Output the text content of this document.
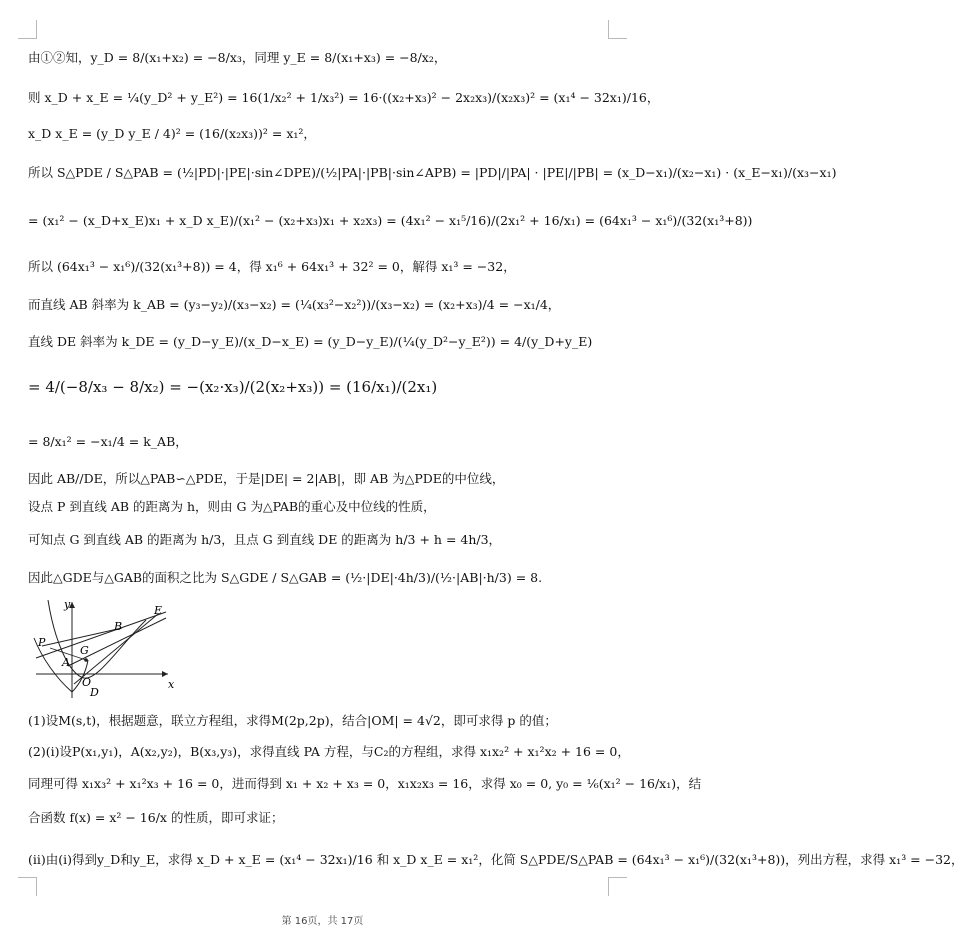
由①②知，y_D = 8/(x₁+x₂) = −8/x₃，同理 y_E = 8/(x₁+x₃) = −8/x₂，
则 x_D + x_E = ¼(y_D² + y_E²) = 16(1/x₂² + 1/x₃²) = 16·((x₂+x₃)² − 2x₂x₃)/(x₂x₃)² = (x₁⁴ − 32x₁)/16，
x_D x_E = (y_D y_E / 4)² = (16/(x₂x₃))² = x₁²，
所以 S△PDE / S△PAB = (½|PD|·|PE|·sin∠DPE)/(½|PA|·|PB|·sin∠APB) = |PD|/|PA| · |PE|/|PB| = (x_D−x₁)/(x₂−x₁) · (x_E−x₁)/(x₃−x₁)
= (x₁² − (x_D+x_E)x₁ + x_D x_E)/(x₁² − (x₂+x₃)x₁ + x₂x₃) = (4x₁² − x₁⁵/16)/(2x₁² + 16/x₁) = (64x₁³ − x₁⁶)/(32(x₁³+8))
所以 (64x₁³ − x₁⁶)/(32(x₁³+8)) = 4，得 x₁⁶ + 64x₁³ + 32² = 0，解得 x₁³ = −32，
而直线 AB 斜率为 k_AB = (y₃−y₂)/(x₃−x₂) = (¼(x₃²−x₂²))/(x₃−x₂) = (x₂+x₃)/4 = −x₁/4，
直线 DE 斜率为 k_DE = (y_D−y_E)/(x_D−x_E) = (y_D−y_E)/(¼(y_D²−y_E²)) = 4/(y_D+y_E)
= 4/(−8/x₃ − 8/x₂) = −(x₂·x₃)/(2(x₂+x₃)) = (16/x₁)/(2x₁)
= 8/x₁² = −x₁/4 = k_AB，
因此 AB//DE，所以△PAB∽△PDE，于是|DE| = 2|AB|，即 AB 为△PDE的中位线，
设点 P 到直线 AB 的距离为 h，则由 G 为△PAB的重心及中位线的性质，
可知点 G 到直线 AB 的距离为 h/3，且点 G 到直线 DE 的距离为 h/3 + h = 4h/3，
因此△GDE与△GAB的面积之比为 S△GDE / S△GAB = (½·|DE|·4h/3)/(½·|AB|·h/3) = 8.
y
x
E
B
P
G
A
O
D
(1)设M(s,t)，根据题意，联立方程组，求得M(2p,2p)，结合|OM| = 4√2，即可求得 p 的值；
(2)(ⅰ)设P(x₁,y₁)，A(x₂,y₂)，B(x₃,y₃)，求得直线 PA 方程，与C₂的方程组，求得 x₁x₂² + x₁²x₂ + 16 = 0，
同理可得 x₁x₃² + x₁²x₃ + 16 = 0，进而得到 x₁ + x₂ + x₃ = 0，x₁x₂x₃ = 16，求得 x₀ = 0, y₀ = ⅙(x₁² − 16/x₁)，结
合函数 f(x) = x² − 16/x 的性质，即可求证；
(ⅱ)由(ⅰ)得到y_D和y_E，求得 x_D + x_E = (x₁⁴ − 32x₁)/16 和 x_D x_E = x₁²，化简 S△PDE/S△PAB = (64x₁³ − x₁⁶)/(32(x₁³+8))，列出方程，求得 x₁³ = −32，
第 16页，共 17页
